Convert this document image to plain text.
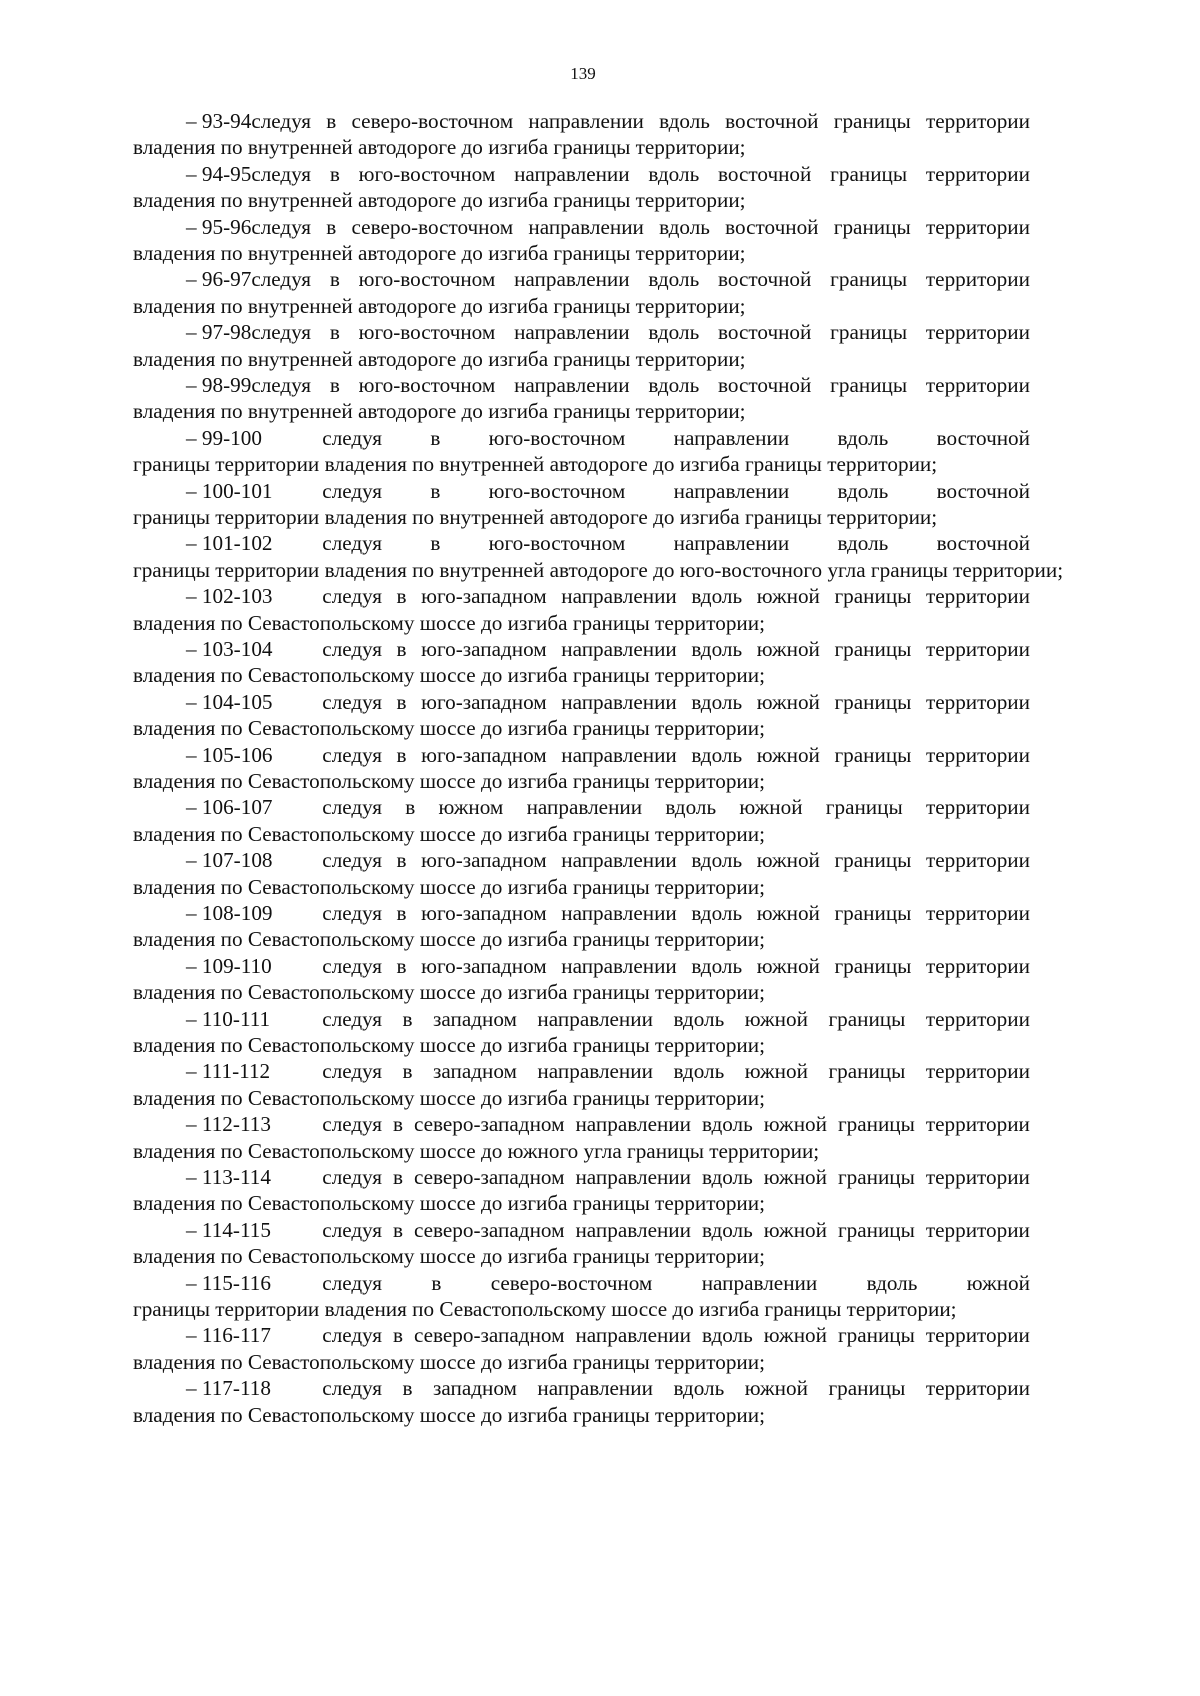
139
– 93-94 следуя в северо-восточном направлении вдоль восточной границы территории
владения по внутренней автодороге до изгиба границы территории;
– 94-95 следуя в юго-восточном направлении вдоль восточной границы территории
владения по внутренней автодороге до изгиба границы территории;
– 95-96 следуя в северо-восточном направлении вдоль восточной границы территории
владения по внутренней автодороге до изгиба границы территории;
– 96-97 следуя в юго-восточном направлении вдоль восточной границы территории
владения по внутренней автодороге до изгиба границы территории;
– 97-98 следуя в юго-восточном направлении вдоль восточной границы территории
владения по внутренней автодороге до изгиба границы территории;
– 98-99 следуя в юго-восточном направлении вдоль восточной границы территории
владения по внутренней автодороге до изгиба границы территории;
– 99-100	следуя в юго-восточном направлении вдоль восточной
границы территории владения по внутренней автодороге до изгиба границы территории;
– 100-101	следуя в юго-восточном направлении вдоль восточной
границы территории владения по внутренней автодороге до изгиба границы территории;
– 101-102	следуя в юго-восточном направлении вдоль восточной
границы территории владения по внутренней автодороге до юго-восточного угла границы территории;
– 102-103	следуя в юго-западном направлении вдоль южной границы территории
владения по Севастопольскому шоссе до изгиба границы территории;
– 103-104	следуя в юго-западном направлении вдоль южной границы территории
владения по Севастопольскому шоссе до изгиба границы территории;
– 104-105	следуя в юго-западном направлении вдоль южной границы территории
владения по Севастопольскому шоссе до изгиба границы территории;
– 105-106	следуя в юго-западном направлении вдоль южной границы территории
владения по Севастопольскому шоссе до изгиба границы территории;
– 106-107	следуя в южном направлении вдоль южной границы территории
владения по Севастопольскому шоссе до изгиба границы территории;
– 107-108	следуя в юго-западном направлении вдоль южной границы территории
владения по Севастопольскому шоссе до изгиба границы территории;
– 108-109	следуя в юго-западном направлении вдоль южной границы территории
владения по Севастопольскому шоссе до изгиба границы территории;
– 109-110	следуя в юго-западном направлении вдоль южной границы территории
владения по Севастопольскому шоссе до изгиба границы территории;
– 110-111	следуя в западном направлении вдоль южной границы территории
владения по Севастопольскому шоссе до изгиба границы территории;
– 111-112	следуя в западном направлении вдоль южной границы территории
владения по Севастопольскому шоссе до изгиба границы территории;
– 112-113	следуя в северо-западном направлении вдоль южной границы территории
владения по Севастопольскому шоссе до южного угла границы территории;
– 113-114	следуя в северо-западном направлении вдоль южной границы территории
владения по Севастопольскому шоссе до изгиба границы территории;
– 114-115	следуя в северо-западном направлении вдоль южной границы территории
владения по Севастопольскому шоссе до изгиба границы территории;
– 115-116	следуя в северо-восточном направлении вдоль южной
границы территории владения по Севастопольскому шоссе до изгиба границы территории;
– 116-117	следуя в северо-западном направлении вдоль южной границы территории
владения по Севастопольскому шоссе до изгиба границы территории;
– 117-118	следуя в западном направлении вдоль южной границы территории
владения по Севастопольскому шоссе до изгиба границы территории;
